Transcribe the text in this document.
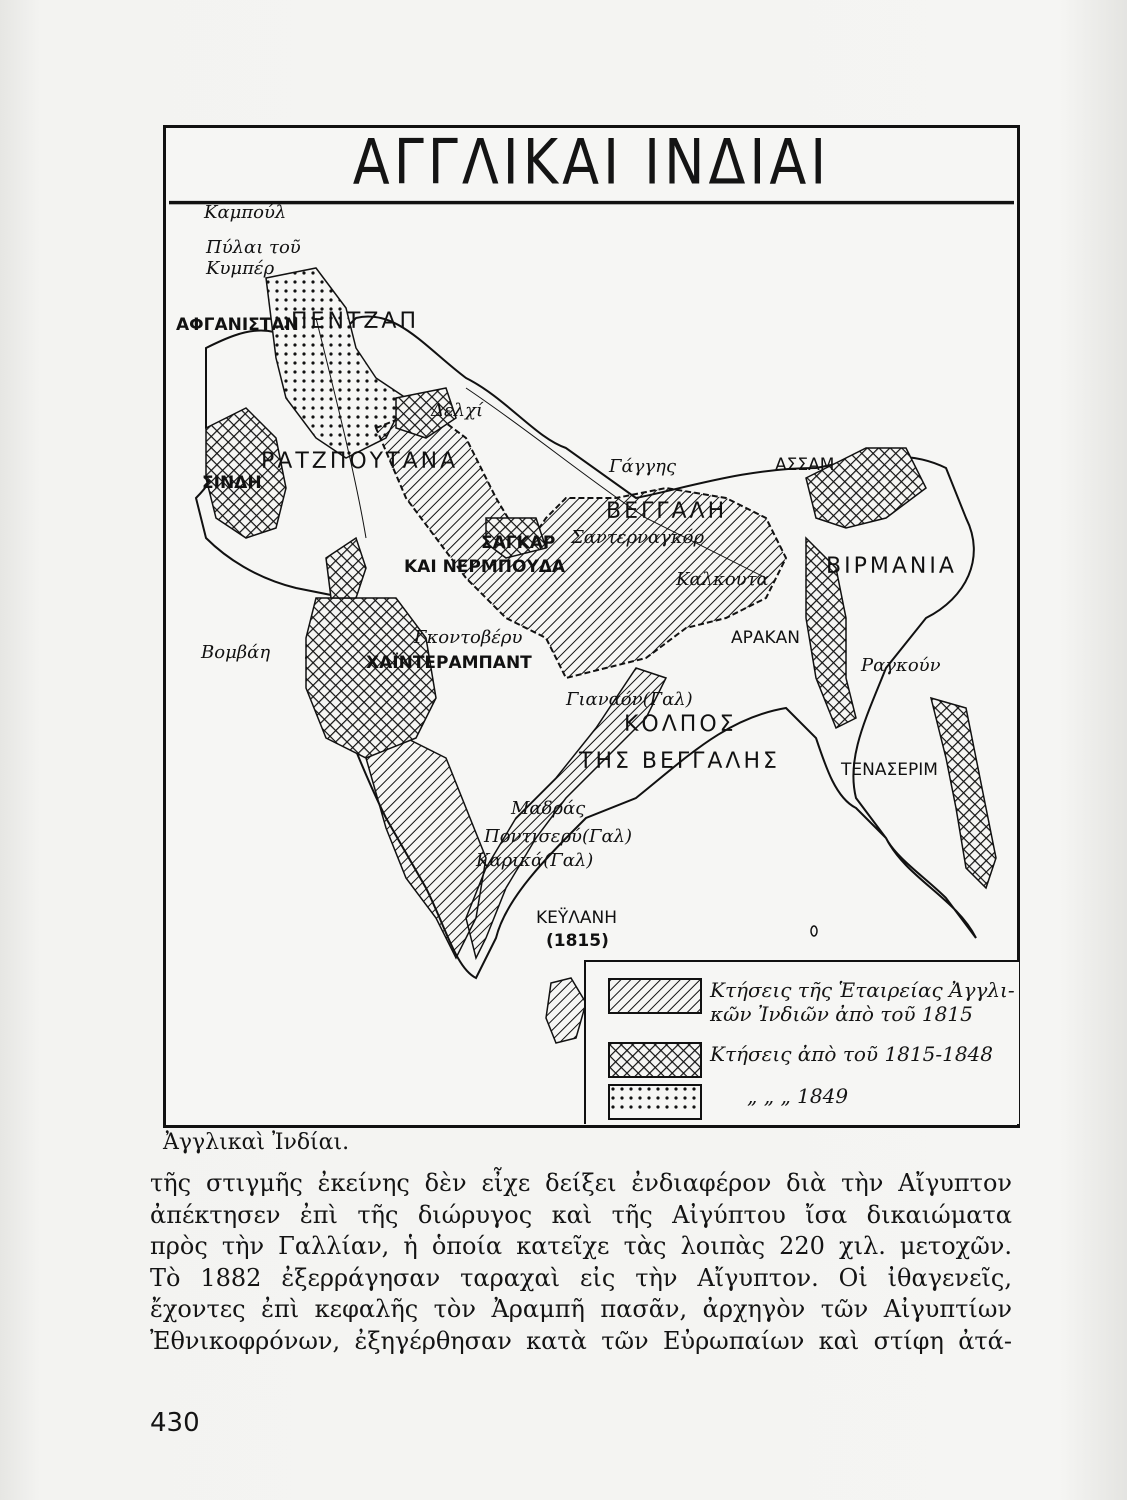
ΑΓΓΛΙΚΑΙ ΙΝΔΙΑΙ
Καμπούλ
Πύλαι τοῦ
Κυμπέρ
ΑΦΓΑΝΙΣΤΑΝ
ΠΕΝΤΖΑΠ
Δελχί
ΡΑΤΖΠΟΥΤΑΝΑ
ΣΙΝΔΗ
Γάγγης	ΑΣΣΑΜ
ΒΕΓΓΑΛΗ
ΣΑΓΚΑΡ
ΚΑΙ ΝΕΡΜΠΟΥΔΑ
Σαντερναγκόρ
ΒΙΡΜΑΝΙΑ
Καλκούτα
Βομβάη
Γκοντοβέρυ	ΑΡΑΚΑΝ
Ραγκούν
ΧΑΪΝΤΕΡΑΜΠΑΝΤ
Γιαναόν(Γαλ)
ΚΟΛΠΟΣ
ΤΗΣ ΒΕΓΓΑΛΗΣ	ΤΕΝΑΣΕΡΙΜ
Μαδράς
Ποντισερύ(Γαλ)
Καρικά(Γαλ)
ΚΕΫΛΑΝΗ
(1815)
Κτήσεις τῆς Ἑταιρείας Ἀγγλι-
κῶν Ἰνδιῶν ἀπὸ τοῦ 1815
Κτήσεις ἀπὸ τοῦ 1815-1848
„ „ „ 1849
Ἀγγλικαὶ Ἰνδίαι.
τῆς στιγμῆς ἐκείνης δὲν εἶχε δείξει ἐνδιαφέρον διὰ τὴν Αἴγυπτον
ἀπέκτησεν ἐπὶ τῆς διώρυγος καὶ τῆς Αἰγύπτου ἴσα δικαιώματα
πρὸς τὴν Γαλλίαν, ἡ ὁποία κατεῖχε τὰς λοιπὰς 220 χιλ. μετοχῶν.
Τὸ 1882 ἐξερράγησαν ταραχαὶ εἰς τὴν Αἴγυπτον. Οἱ ἰθαγενεῖς,
ἔχοντες ἐπὶ κεφαλῆς τὸν Ἀραμπῆ πασᾶν, ἀρχηγὸν τῶν Αἰγυπτίων
Ἐθνικοφρόνων, ἐξηγέρθησαν κατὰ τῶν Εὐρωπαίων καὶ στίφη ἀτά-
430
